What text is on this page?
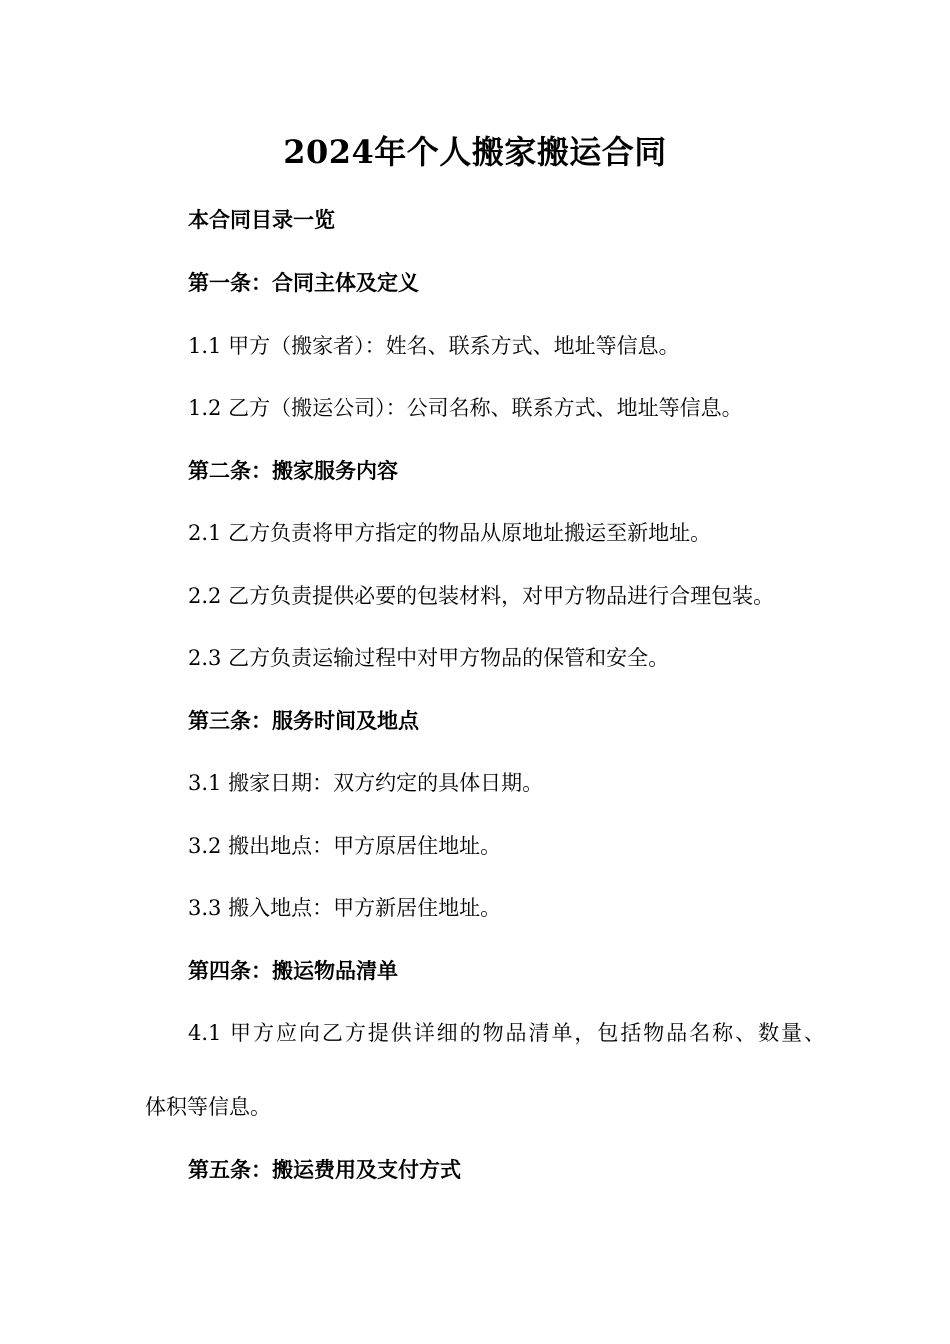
2024年个人搬家搬运合同
本合同目录一览
第一条：合同主体及定义
1.1 甲方（搬家者）：姓名、联系方式、地址等信息。
1.2 乙方（搬运公司）：公司名称、联系方式、地址等信息。
第二条：搬家服务内容
2.1 乙方负责将甲方指定的物品从原地址搬运至新地址。
2.2 乙方负责提供必要的包装材料，对甲方物品进行合理包装。
2.3 乙方负责运输过程中对甲方物品的保管和安全。
第三条：服务时间及地点
3.1 搬家日期：双方约定的具体日期。
3.2 搬出地点：甲方原居住地址。
3.3 搬入地点：甲方新居住地址。
第四条：搬运物品清单
4.1 甲方应向乙方提供详细的物品清单，包括物品名称、数量、
体积等信息。
第五条：搬运费用及支付方式
